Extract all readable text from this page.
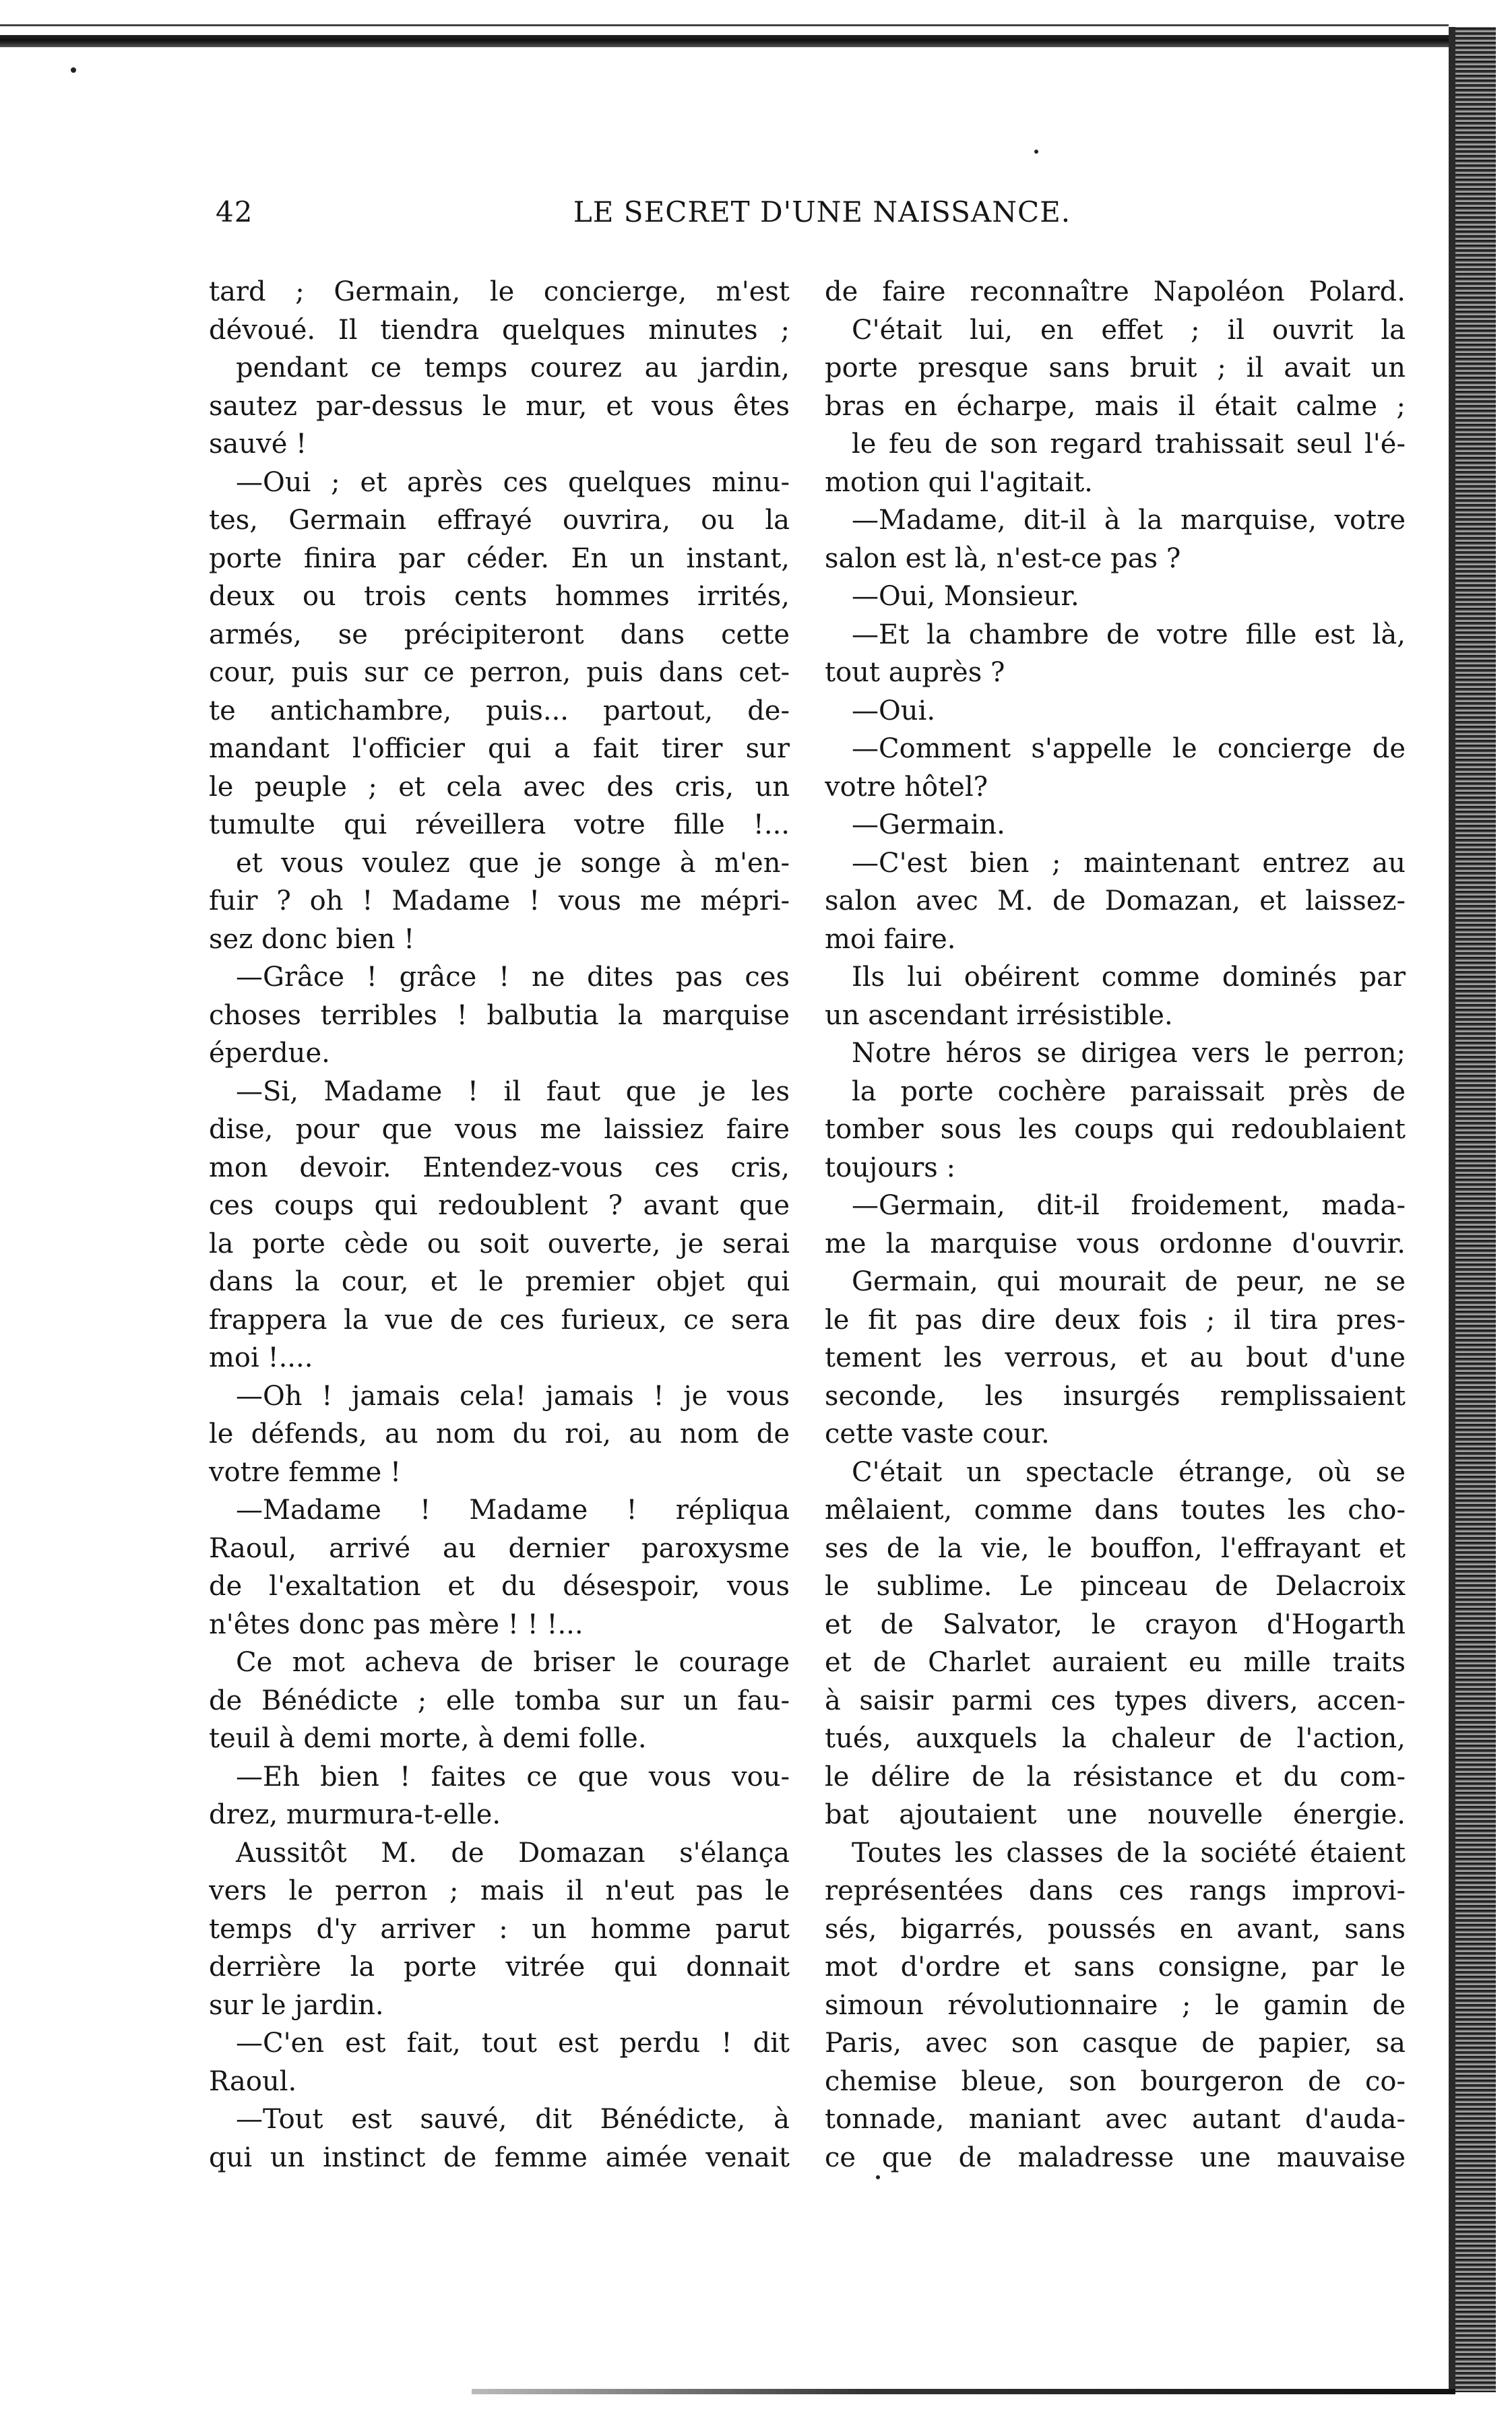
42	LE SECRET D'UNE NAISSANCE.
tard ; Germain, le concierge, m'est
dévoué. Il tiendra quelques minutes ;
pendant ce temps courez au jardin,
sautez par-dessus le mur, et vous êtes
sauvé !
—Oui ; et après ces quelques minu-
tes, Germain effrayé ouvrira, ou la
porte finira par céder. En un instant,
deux ou trois cents hommes irrités,
armés, se précipiteront dans cette
cour, puis sur ce perron, puis dans cet-
te antichambre, puis... partout, de-
mandant l'officier qui a fait tirer sur
le peuple ; et cela avec des cris, un
tumulte qui réveillera votre fille !...
et vous voulez que je songe à m'en-
fuir ? oh ! Madame ! vous me mépri-
sez donc bien !
—Grâce ! grâce ! ne dites pas ces
choses terribles ! balbutia la marquise
éperdue.
—Si, Madame ! il faut que je les
dise, pour que vous me laissiez faire
mon devoir. Entendez-vous ces cris,
ces coups qui redoublent ? avant que
la porte cède ou soit ouverte, je serai
dans la cour, et le premier objet qui
frappera la vue de ces furieux, ce sera
moi !....
—Oh ! jamais cela! jamais ! je vous
le défends, au nom du roi, au nom de
votre femme !
—Madame ! Madame ! répliqua
Raoul, arrivé au dernier paroxysme
de l'exaltation et du désespoir, vous
n'êtes donc pas mère ! ! !...
Ce mot acheva de briser le courage
de Bénédicte ; elle tomba sur un fau-
teuil à demi morte, à demi folle.
—Eh bien ! faites ce que vous vou-
drez, murmura-t-elle.
Aussitôt M. de Domazan s'élança
vers le perron ; mais il n'eut pas le
temps d'y arriver : un homme parut
derrière la porte vitrée qui donnait
sur le jardin.
—C'en est fait, tout est perdu ! dit
Raoul.
—Tout est sauvé, dit Bénédicte, à
qui un instinct de femme aimée venait
de faire reconnaître Napoléon Polard.
C'était lui, en effet ; il ouvrit la
porte presque sans bruit ; il avait un
bras en écharpe, mais il était calme ;
le feu de son regard trahissait seul l'é-
motion qui l'agitait.
—Madame, dit-il à la marquise, votre
salon est là, n'est-ce pas ?
—Oui, Monsieur.
—Et la chambre de votre fille est là,
tout auprès ?
—Oui.
—Comment s'appelle le concierge de
votre hôtel?
—Germain.
—C'est bien ; maintenant entrez au
salon avec M. de Domazan, et laissez-
moi faire.
Ils lui obéirent comme dominés par
un ascendant irrésistible.
Notre héros se dirigea vers le perron;
la porte cochère paraissait près de
tomber sous les coups qui redoublaient
toujours :
—Germain, dit-il froidement, mada-
me la marquise vous ordonne d'ouvrir.
Germain, qui mourait de peur, ne se
le fit pas dire deux fois ; il tira pres-
tement les verrous, et au bout d'une
seconde, les insurgés remplissaient
cette vaste cour.
C'était un spectacle étrange, où se
mêlaient, comme dans toutes les cho-
ses de la vie, le bouffon, l'effrayant et
le sublime. Le pinceau de Delacroix
et de Salvator, le crayon d'Hogarth
et de Charlet auraient eu mille traits
à saisir parmi ces types divers, accen-
tués, auxquels la chaleur de l'action,
le délire de la résistance et du com-
bat ajoutaient une nouvelle énergie.
Toutes les classes de la société étaient
représentées dans ces rangs improvi-
sés, bigarrés, poussés en avant, sans
mot d'ordre et sans consigne, par le
simoun révolutionnaire ; le gamin de
Paris, avec son casque de papier, sa
chemise bleue, son bourgeron de co-
tonnade, maniant avec autant d'auda-
ce que de maladresse une mauvaise
